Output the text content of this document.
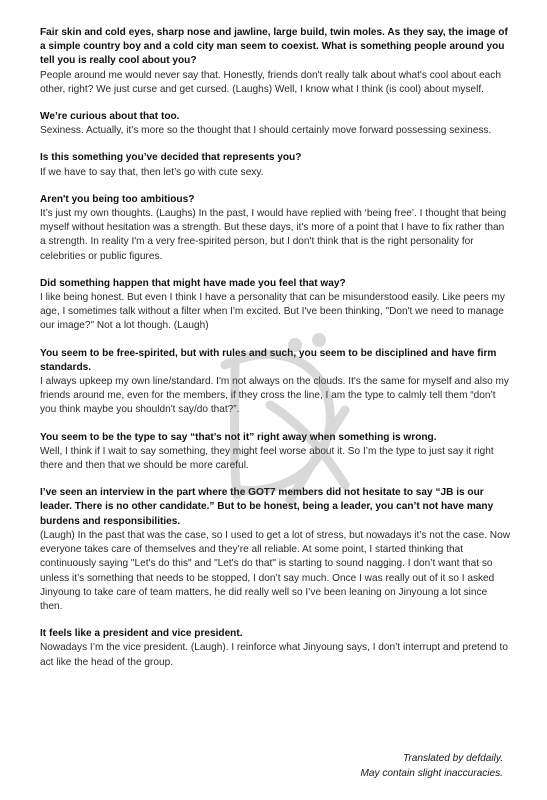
Fair skin and cold eyes, sharp nose and jawline, large build, twin moles. As they say, the image of a simple country boy and a cold city man seem to coexist. What is something people around you tell you is really cool about you?

People around me would never say that. Honestly, friends don't really talk about what's cool about each other, right? We just curse and get cursed. (Laughs) Well, I know what I think (is cool) about myself.

We’re curious about that too.

Sexiness. Actually, it’s more so the thought that I should certainly move forward possessing sexiness.

Is this something you’ve decided that represents you?

If we have to say that, then let’s go with cute sexy.

Aren't you being too ambitious?

It’s just my own thoughts. (Laughs) In the past, I would have replied with ‘being free’. I thought that being myself without hesitation was a strength. But these days, it's more of a point that I have to fix rather than a strength. In reality I'm a very free-spirited person, but I don't think that is the right personality for celebrities or public figures.

Did something happen that might have made you feel that way?

I like being honest. But even I think I have a personality that can be misunderstood easily. Like peers my age, I sometimes talk without a filter when I'm excited. But I've been thinking, "Don't we need to manage our image?" Not a lot though. (Laugh)

You seem to be free-spirited, but with rules and such, you seem to be disciplined and have firm standards.

I always upkeep my own line/standard. I'm not always on the clouds. It's the same for myself and also my friends around me, even for the members, if they cross the line, I am the type to calmly tell them “don’t you think maybe you shouldn't say/do that?”.

You seem to be the type to say “that’s not it” right away when something is wrong.

Well, I think if I wait to say something, they might feel worse about it. So I’m the type to just say it right there and then that we should be more careful.

I’ve seen an interview in the part where the GOT7 members did not hesitate to say “JB is our leader. There is no other candidate.” But to be honest, being a leader, you can’t not have many burdens and responsibilities.

(Laugh) In the past that was the case, so I used to get a lot of stress, but nowadays it’s not the case. Now everyone takes care of themselves and they’re all reliable. At some point, I started thinking that continuously saying "Let's do this" and "Let's do that" is starting to sound nagging. I don’t want that so unless it’s something that needs to be stopped, I don’t say much. Once I was really out of it so I asked Jinyoung to take care of team matters, he did really well so I’ve been leaning on Jinyoung a lot since then.

It feels like a president and vice president.

Nowadays I’m the vice president. (Laugh). I reinforce what Jinyoung says, I don’t interrupt and pretend to act like the head of the group.

Translated by defdaily.
May contain slight inaccuracies.
